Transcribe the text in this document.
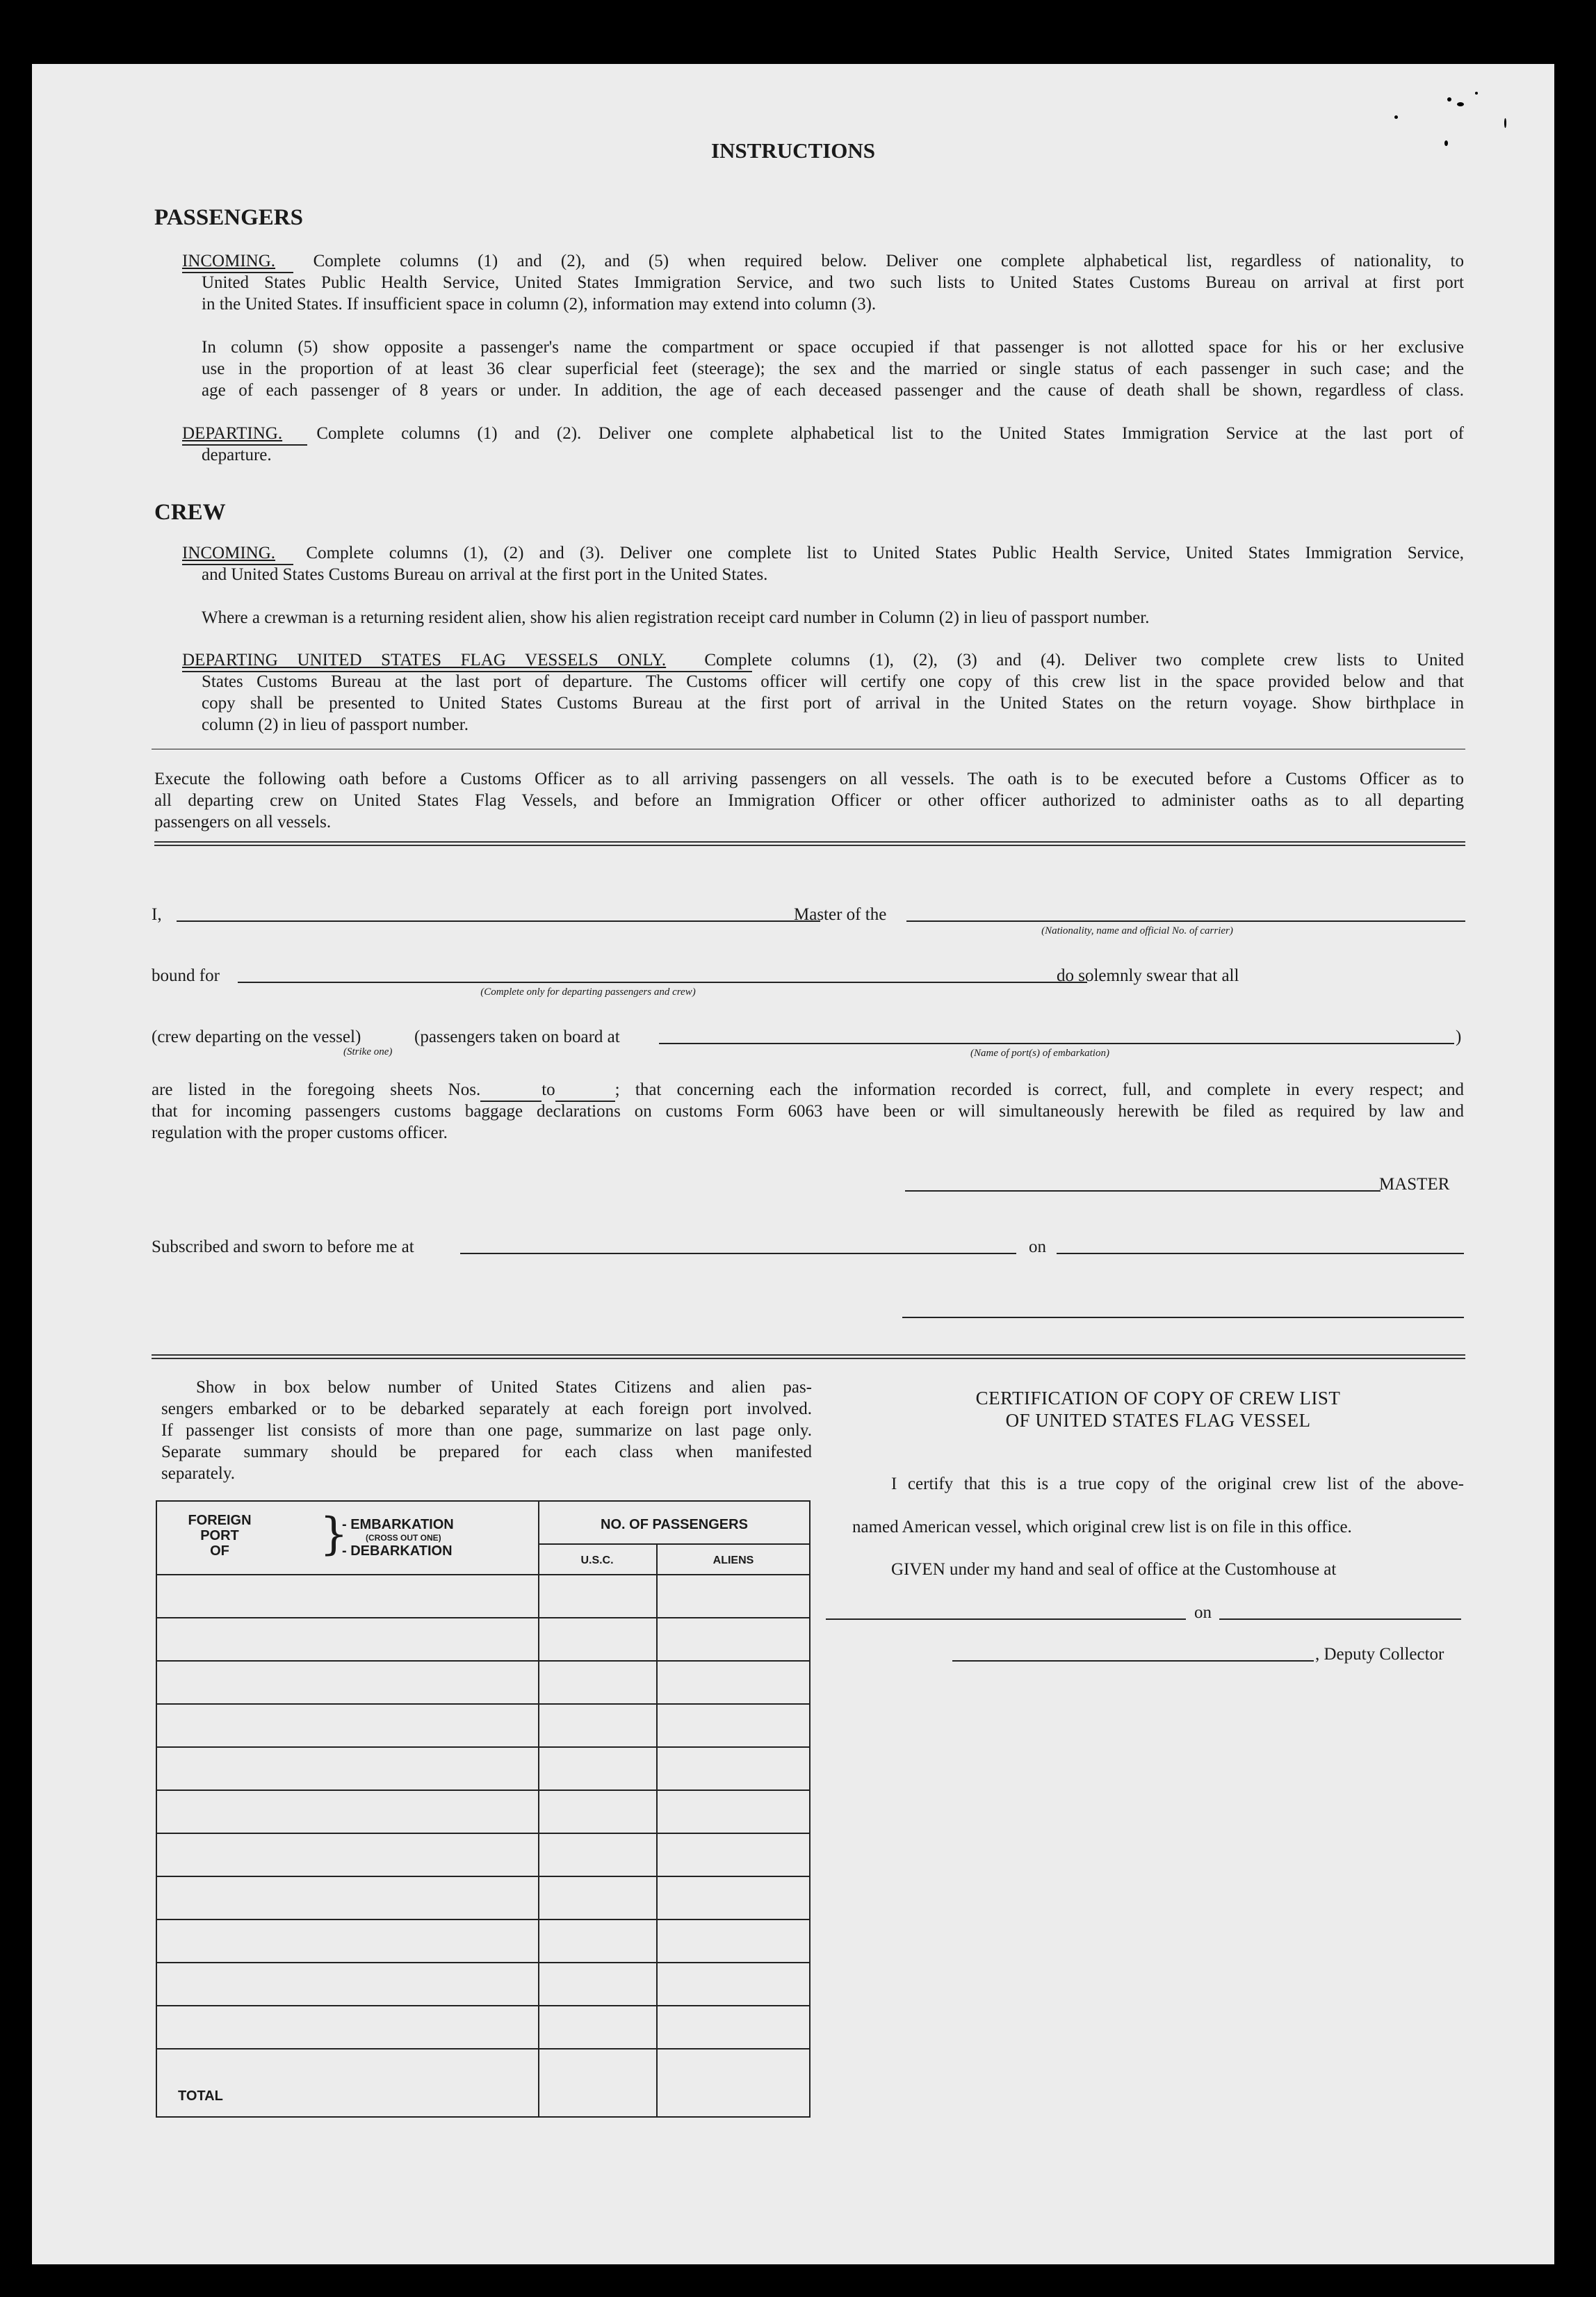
INSTRUCTIONS
PASSENGERS
INCOMING. Complete columns (1) and (2), and (5) when required below. Deliver one complete alphabetical list, regardless of nationality, to
United States Public Health Service, United States Immigration Service, and two such lists to United States Customs Bureau on arrival at first port
in the United States. If insufficient space in column (2), information may extend into column (3).
In column (5) show opposite a passenger's name the compartment or space occupied if that passenger is not allotted space for his or her exclusive
use in the proportion of at least 36 clear superficial feet (steerage); the sex and the married or single status of each passenger in such case; and the
age of each passenger of 8 years or under. In addition, the age of each deceased passenger and the cause of death shall be shown, regardless of class.
DEPARTING. Complete columns (1) and (2). Deliver one complete alphabetical list to the United States Immigration Service at the last port of
departure.
CREW
INCOMING. Complete columns (1), (2) and (3). Deliver one complete list to United States Public Health Service, United States Immigration Service,
and United States Customs Bureau on arrival at the first port in the United States.
Where a crewman is a returning resident alien, show his alien registration receipt card number in Column (2) in lieu of passport number.
DEPARTING UNITED STATES FLAG VESSELS ONLY. Complete columns (1), (2), (3) and (4). Deliver two complete crew lists to United
States Customs Bureau at the last port of departure. The Customs officer will certify one copy of this crew list in the space provided below and that
copy shall be presented to United States Customs Bureau at the first port of arrival in the United States on the return voyage. Show birthplace in
column (2) in lieu of passport number.
Execute the following oath before a Customs Officer as to all arriving passengers on all vessels. The oath is to be executed before a Customs Officer as to
all departing crew on United States Flag Vessels, and before an Immigration Officer or other officer authorized to administer oaths as to all departing
passengers on all vessels.
I,	Master of the
(Nationality, name and official No. of carrier)
bound for
(Complete only for departing passengers and crew)
do solemnly swear that all
(crew departing on the vessel)
(Strike one)
(passengers taken on board at	)
(Name of port(s) of embarkation)
are listed in the foregoing sheets Nos.	to	; that concerning each the information recorded is correct, full, and complete in every respect; and
that for incoming passengers customs baggage declarations on customs Form 6063 have been or will simultaneously herewith be filed as required by law and
regulation with the proper customs officer.
MASTER
Subscribed and sworn to before me at	on
Show in box below number of United States Citizens and alien pas-
sengers embarked or to be debarked separately at each foreign port involved.
If passenger list consists of more than one page, summarize on last page only.
Separate summary should be prepared for each class when manifested
separately.
FOREIGN
PORT
OF	}
- EMBARKATION
(CROSS OUT ONE)
- DEBARKATION
NO. OF PASSENGERS
U.S.C.	ALIENS
TOTAL
CERTIFICATION OF COPY OF CREW LIST
OF UNITED STATES FLAG VESSEL
I certify that this is a true copy of the original crew list of the above-
named American vessel, which original crew list is on file in this office.
GIVEN under my hand and seal of office at the Customhouse at
on
, Deputy Collector
